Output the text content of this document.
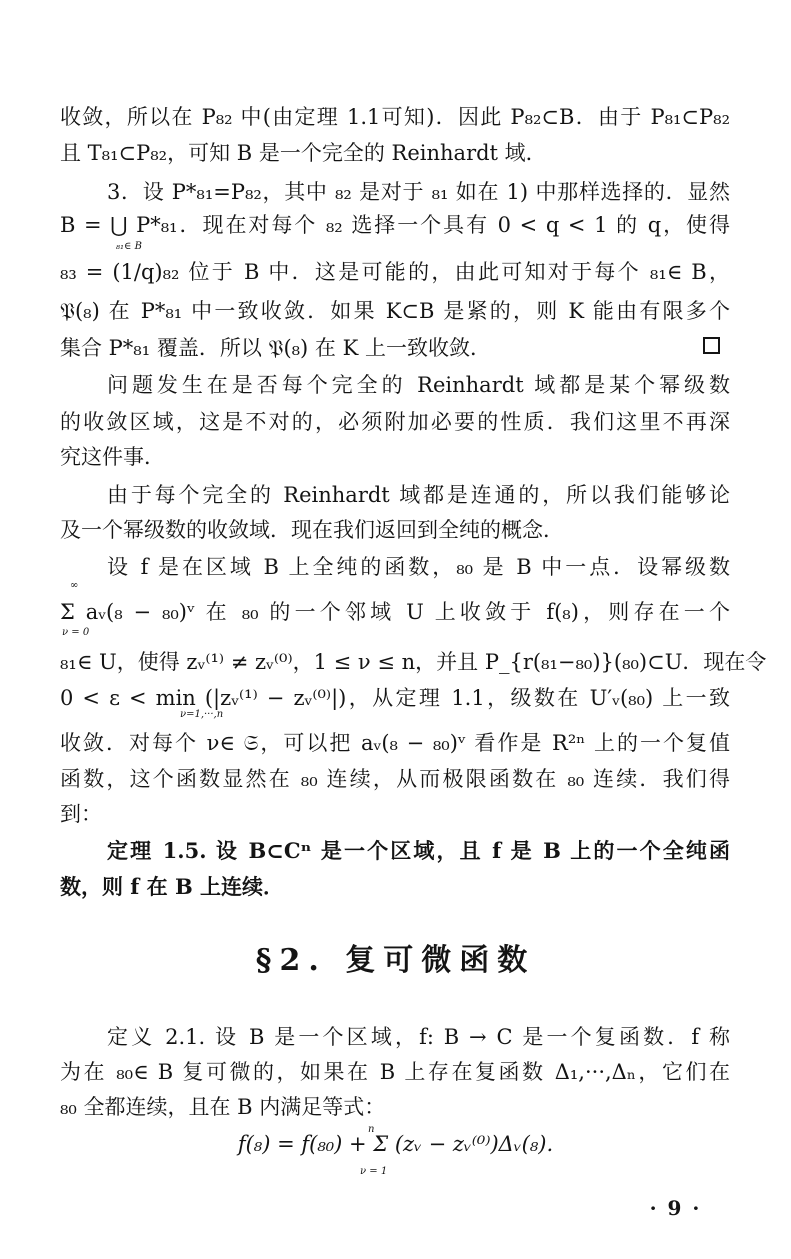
收敛，所以在 P₈₂ 中(由定理 1.1可知)．因此 P₈₂⊂B．由于 P₈₁⊂P₈₂
且 T₈₁⊂P₈₂，可知 B 是一个完全的 Reinhardt 域．
3．设 P*₈₁=P₈₂，其中 ₈₂ 是对于 ₈₁ 如在 1) 中那样选择的．显然
B = ⋃ P*₈₁．现在对每个 ₈₂ 选择一个具有 0 < q < 1 的 q，使得
₈₁∈ B
₈₃ = (1/q)₈₂ 位于 B 中．这是可能的，由此可知对于每个 ₈₁∈ B，
𝔓(₈) 在 P*₈₁ 中一致收敛．如果 K⊂B 是紧的，则 K 能由有限多个
集合 P*₈₁ 覆盖．所以 𝔓(₈) 在 K 上一致收敛．
问题发生在是否每个完全的 Reinhardt 域都是某个幂级数
的收敛区域，这是不对的，必须附加必要的性质．我们这里不再深
究这件事．
由于每个完全的 Reinhardt 域都是连通的，所以我们能够论
及一个幂级数的收敛域．现在我们返回到全纯的概念．
设 f 是在区域 B 上全纯的函数，₈₀ 是 B 中一点．设幂级数
∞
Σ aᵥ(₈ − ₈₀)ᵛ 在 ₈₀ 的一个邻域 U 上收敛于 f(₈)，则存在一个
ν = 0
₈₁∈ U，使得 zᵥ⁽¹⁾ ≠ zᵥ⁽⁰⁾，1 ≤ ν ≤ n，并且 P_{r(₈₁−₈₀)}(₈₀)⊂U．现在令
0 < ε < min (|zᵥ⁽¹⁾ − zᵥ⁽⁰⁾|)，从定理 1.1，级数在 U′ᵥ(₈₀) 上一致
ν=1,···,n
收敛．对每个 ν∈ 𝔖，可以把 aᵥ(₈ − ₈₀)ᵛ 看作是 R²ⁿ 上的一个复值
函数，这个函数显然在 ₈₀ 连续，从而极限函数在 ₈₀ 连续．我们得
到：
定理 1.5. 设 B⊂Cⁿ 是一个区域，且 f 是 B 上的一个全纯函
数，则 f 在 B 上连续．
§2. 复可微函数
定义 2.1. 设 B 是一个区域，f: B → C 是一个复函数．f 称
为在 ₈₀∈ B 复可微的，如果在 B 上存在复函数 Δ₁,···,Δₙ，它们在
₈₀ 全都连续，且在 B 内满足等式：
n
f(₈) = f(₈₀) + Σ (zᵥ − zᵥ⁽⁰⁾)Δᵥ(₈).
ν = 1
· 9 ·
